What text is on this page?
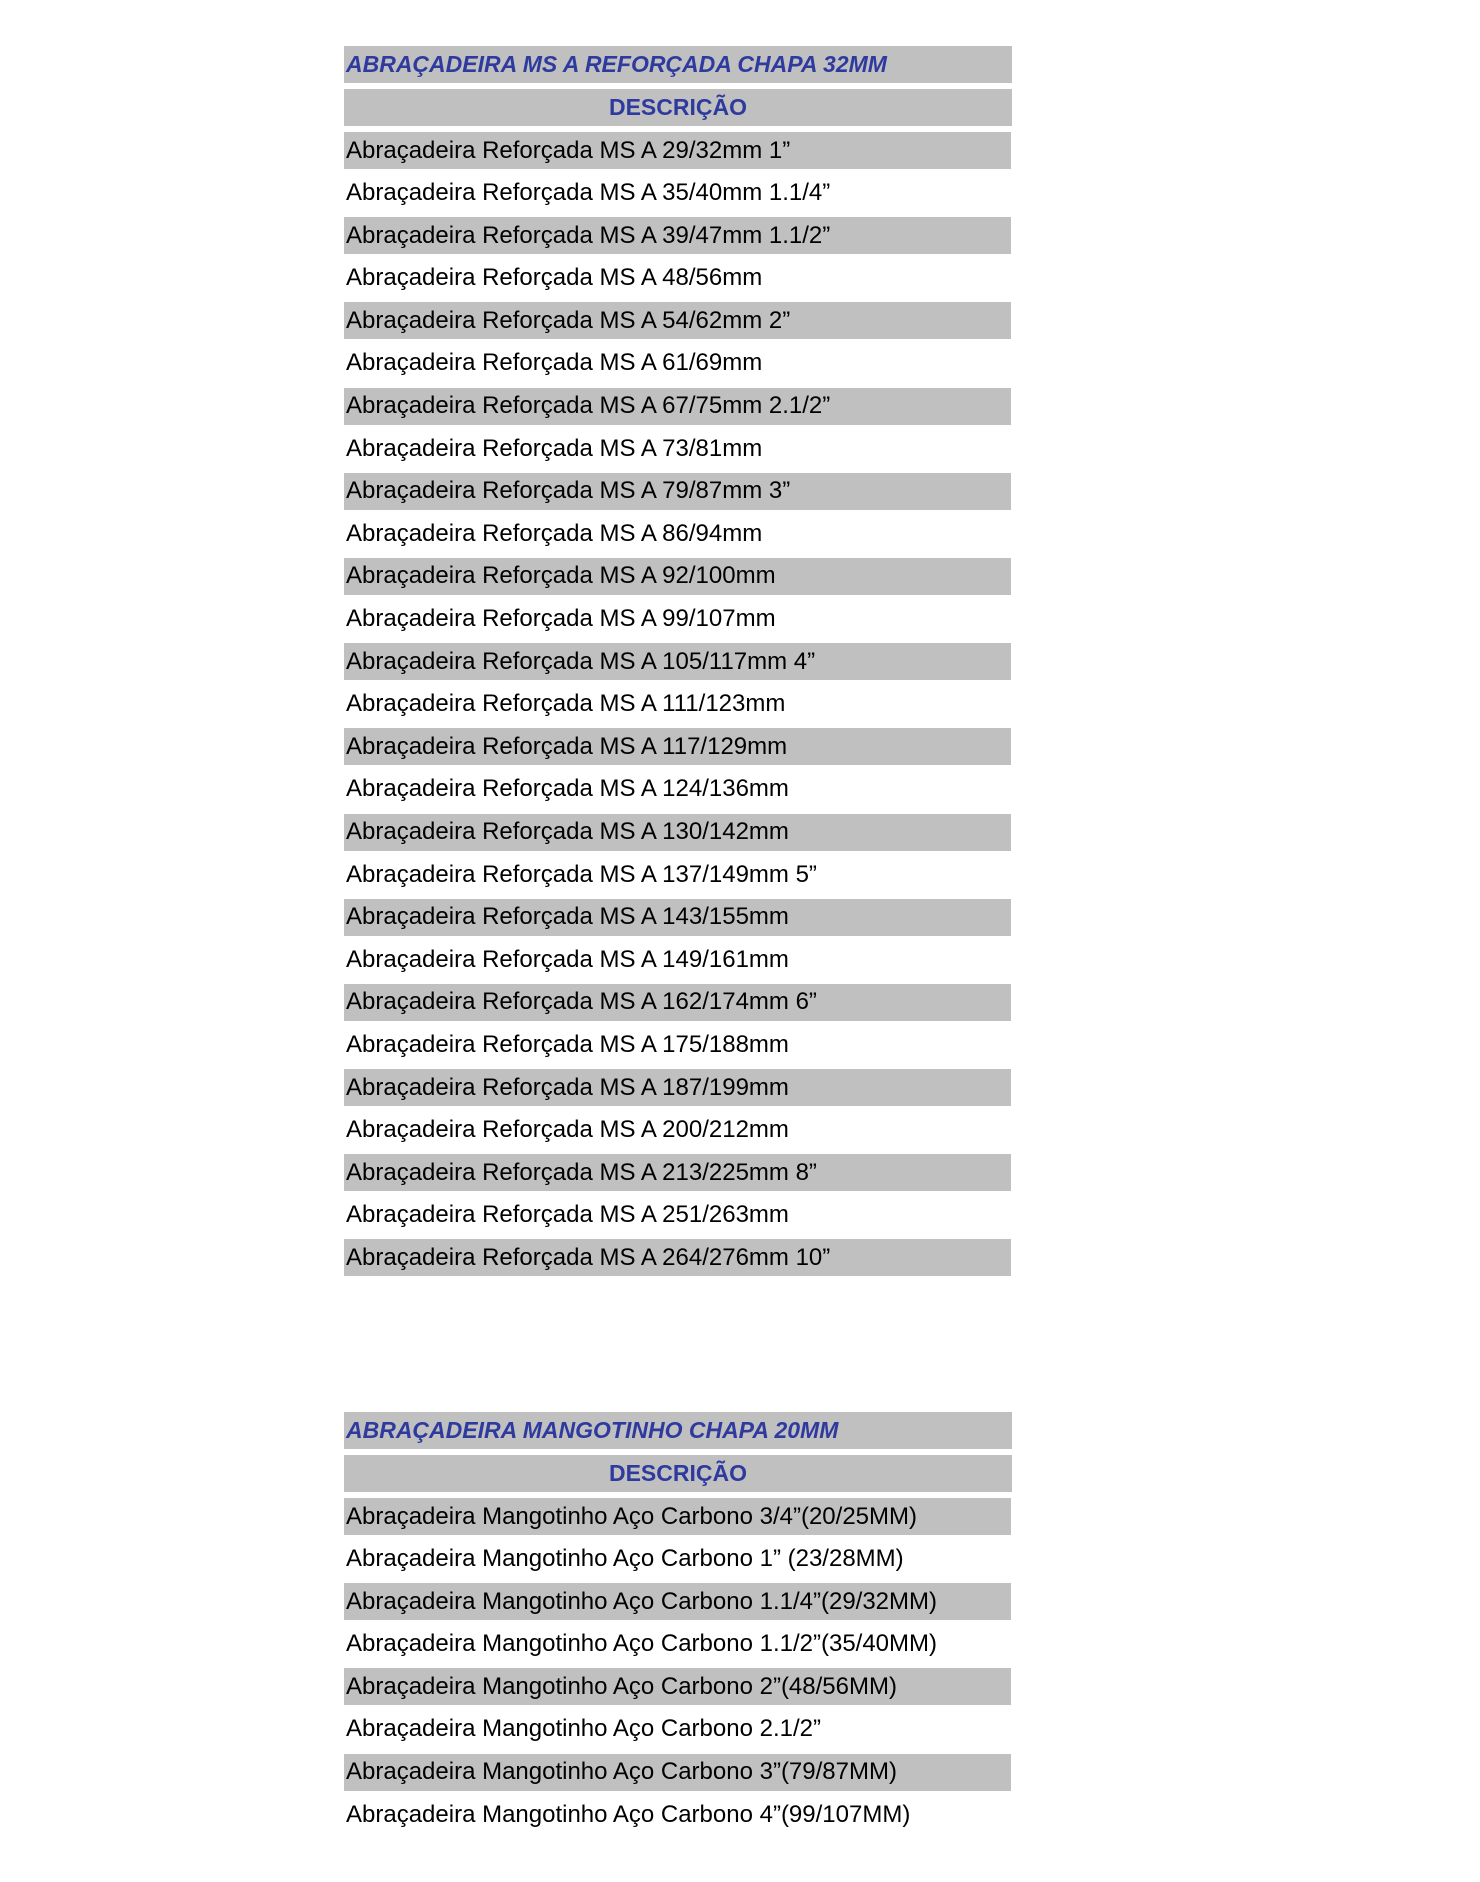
ABRAÇADEIRA MS A REFORÇADA CHAPA 32MM
DESCRIÇÃO
Abraçadeira Reforçada MS A 29/32mm 1”
Abraçadeira Reforçada MS A 35/40mm 1.1/4”
Abraçadeira Reforçada MS A 39/47mm 1.1/2”
Abraçadeira Reforçada MS A 48/56mm
Abraçadeira Reforçada MS A 54/62mm 2”
Abraçadeira Reforçada MS A 61/69mm
Abraçadeira Reforçada MS A 67/75mm 2.1/2”
Abraçadeira Reforçada MS A 73/81mm
Abraçadeira Reforçada MS A 79/87mm 3”
Abraçadeira Reforçada MS A 86/94mm
Abraçadeira Reforçada MS A 92/100mm
Abraçadeira Reforçada MS A 99/107mm
Abraçadeira Reforçada MS A 105/117mm 4”
Abraçadeira Reforçada MS A 111/123mm
Abraçadeira Reforçada MS A 117/129mm
Abraçadeira Reforçada MS A 124/136mm
Abraçadeira Reforçada MS A 130/142mm
Abraçadeira Reforçada MS A 137/149mm 5”
Abraçadeira Reforçada MS A 143/155mm
Abraçadeira Reforçada MS A 149/161mm
Abraçadeira Reforçada MS A 162/174mm 6”
Abraçadeira Reforçada MS A 175/188mm
Abraçadeira Reforçada MS A 187/199mm
Abraçadeira Reforçada MS A 200/212mm
Abraçadeira Reforçada MS A 213/225mm 8”
Abraçadeira Reforçada MS A 251/263mm
Abraçadeira Reforçada MS A 264/276mm 10”
ABRAÇADEIRA MANGOTINHO CHAPA 20MM
DESCRIÇÃO
Abraçadeira Mangotinho Aço Carbono 3/4”(20/25MM)
Abraçadeira Mangotinho Aço Carbono 1” (23/28MM)
Abraçadeira Mangotinho Aço Carbono 1.1/4”(29/32MM)
Abraçadeira Mangotinho Aço Carbono 1.1/2”(35/40MM)
Abraçadeira Mangotinho Aço Carbono 2”(48/56MM)
Abraçadeira Mangotinho Aço Carbono 2.1/2”
Abraçadeira Mangotinho Aço Carbono 3”(79/87MM)
Abraçadeira Mangotinho Aço Carbono 4”(99/107MM)
